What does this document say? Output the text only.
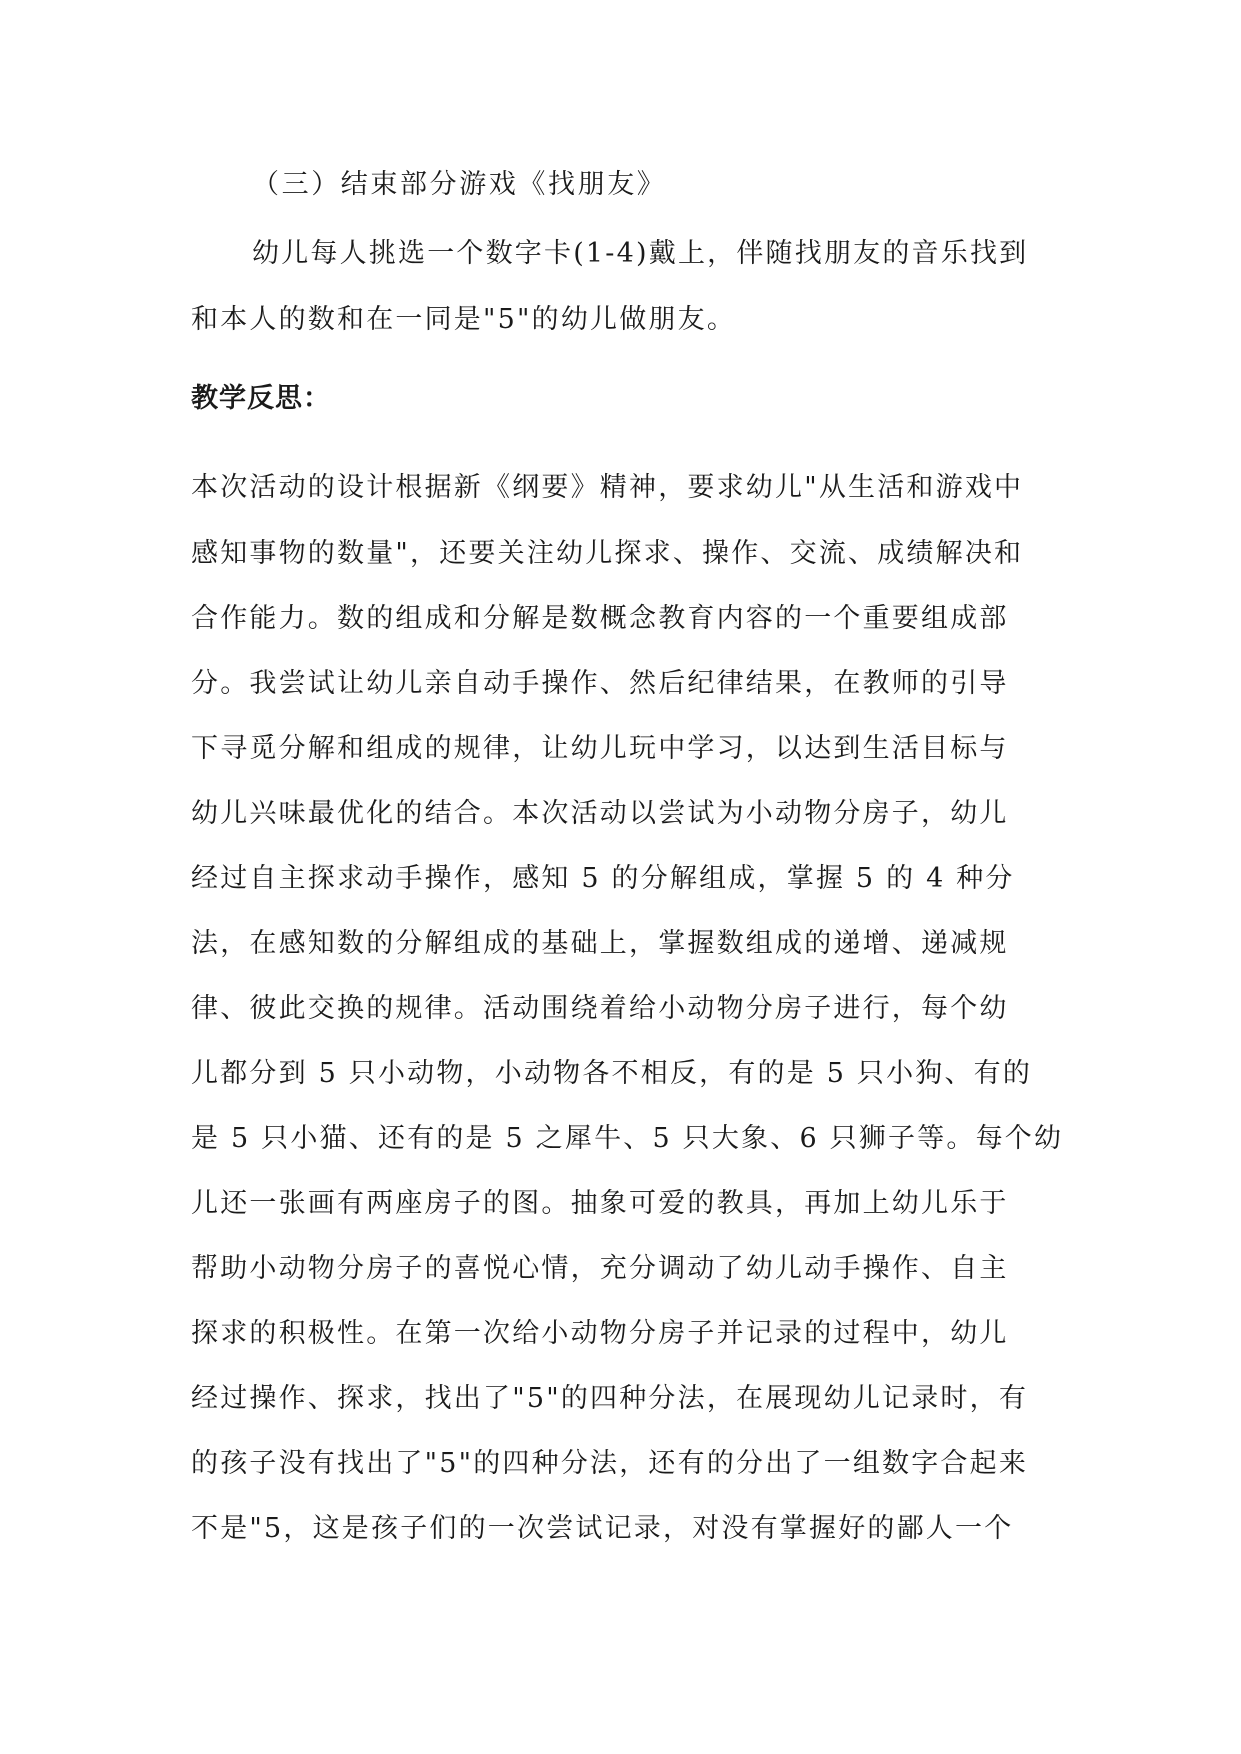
（三）结束部分游戏《找朋友》
幼儿每人挑选一个数字卡(1-4)戴上，伴随找朋友的音乐找到
和本人的数和在一同是"5"的幼儿做朋友。
教学反思：
本次活动的设计根据新《纲要》精神，要求幼儿"从生活和游戏中
感知事物的数量"，还要关注幼儿探求、操作、交流、成绩解决和
合作能力。数的组成和分解是数概念教育内容的一个重要组成部
分。我尝试让幼儿亲自动手操作、然后纪律结果，在教师的引导
下寻觅分解和组成的规律，让幼儿玩中学习，以达到生活目标与
幼儿兴味最优化的结合。本次活动以尝试为小动物分房子，幼儿
经过自主探求动手操作，感知 5 的分解组成，掌握 5 的 4 种分
法，在感知数的分解组成的基础上，掌握数组成的递增、递减规
律、彼此交换的规律。活动围绕着给小动物分房子进行，每个幼
儿都分到 5 只小动物，小动物各不相反，有的是 5 只小狗、有的
是 5 只小猫、还有的是 5 之犀牛、5 只大象、6 只狮子等。每个幼
儿还一张画有两座房子的图。抽象可爱的教具，再加上幼儿乐于
帮助小动物分房子的喜悦心情，充分调动了幼儿动手操作、自主
探求的积极性。在第一次给小动物分房子并记录的过程中，幼儿
经过操作、探求，找出了"5"的四种分法，在展现幼儿记录时，有
的孩子没有找出了"5"的四种分法，还有的分出了一组数字合起来
不是"5，这是孩子们的一次尝试记录，对没有掌握好的鄙人一个
